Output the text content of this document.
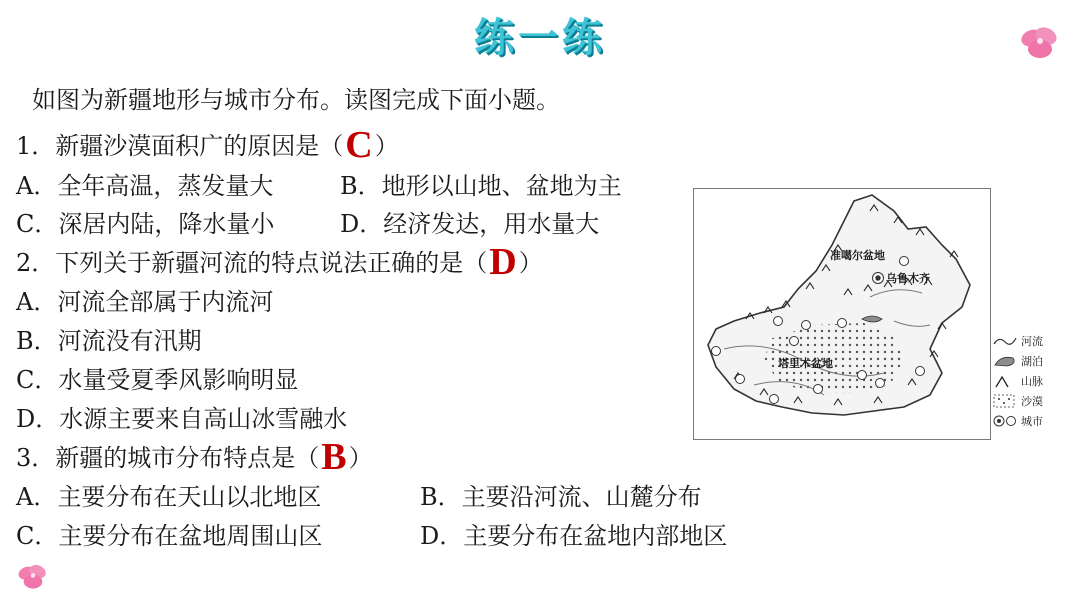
练一练
如图为新疆地形与城市分布。读图完成下面小题。
1．新疆沙漠面积广的原因是（C）
A．全年高温，蒸发量大	B．地形以山地、盆地为主
C．深居内陆，降水量小	D．经济发达，用水量大
2．下列关于新疆河流的特点说法正确的是（D）
A．河流全部属于内流河
B．河流没有汛期
C．水量受夏季风影响明显
D．水源主要来自高山冰雪融水
3．新疆的城市分布特点是（B）
A．主要分布在天山以北地区	B．主要沿河流、山麓分布
C．主要分布在盆地周围山区	D．主要分布在盆地内部地区
准噶尔盆地
乌鲁木齐
塔里木盆地
河流
湖泊
山脉
沙漠
城市
